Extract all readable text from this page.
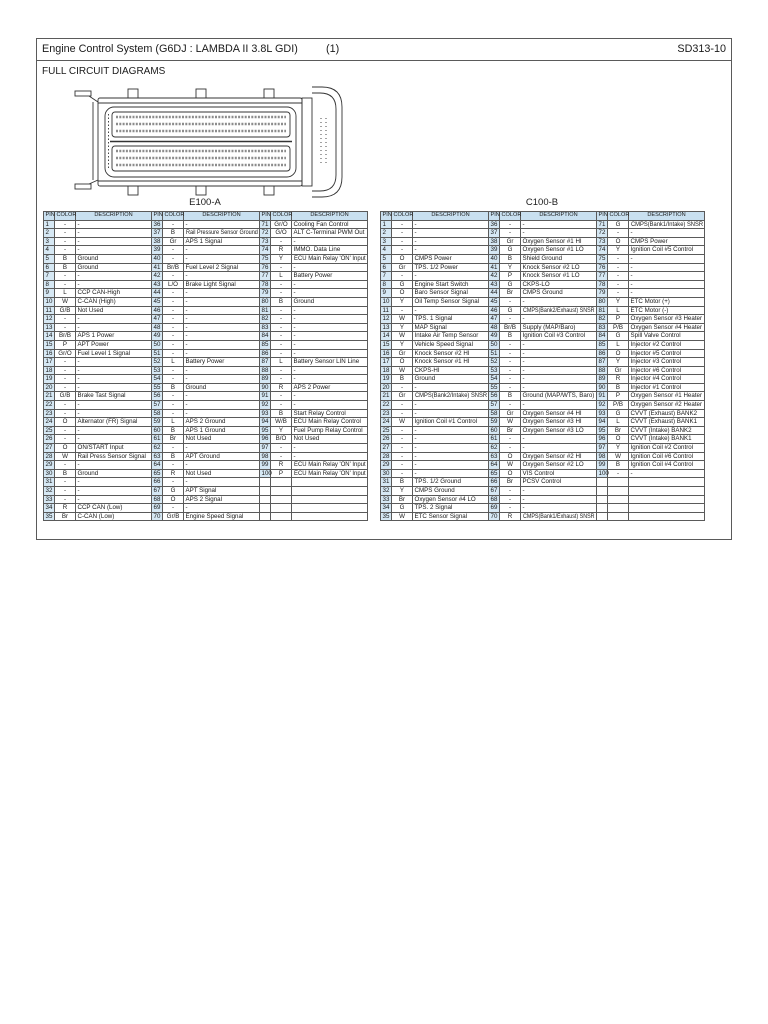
Engine Control System (G6DJ : LAMBDA II 3.8L GDI)	(1)	SD313-10
FULL CIRCUIT DIAGRAMS
E100-A
PIN	COLOR	DESCRIPTION	PIN	COLOR	DESCRIPTION	PIN	COLOR	DESCRIPTION
1	-	-	36	-	-	71	Gr/O	Cooling Fan Control
2	-	-	37	B	Rail Pressure Sensor Ground	72	G/O	ALT C-Terminal PWM Out
3	-	-	38	Gr	APS 1 Signal	73	-	-
4	-	-	39	-	-	74	R	IMMO. Data Line
5	B	Ground	40	-	-	75	Y	ECU Main Relay 'ON' Input
6	B	Ground	41	Br/B	Fuel Level 2 Signal	76	-	-
7	-	-	42	-	-	77	L	Battery Power
8	-	-	43	L/O	Brake Light Signal	78	-	-
9	L	CCP CAN-High	44	-	-	79	-	-
10	W	C-CAN (High)	45	-	-	80	B	Ground
11	G/B	Not Used	46	-	-	81	-	-
12	-	-	47	-	-	82	-	-
13	-	-	48	-	-	83	-	-
14	Br/B	APS 1 Power	49	-	-	84	-	-
15	P	APT Power	50	-	-	85	-	-
16	Gr/O	Fuel Level 1 Signal	51	-	-	86	-	-
17	-	-	52	L	Battery Power	87	L	Battery Sensor LIN Line
18	-	-	53	-	-	88	-	-
19	-	-	54	-	-	89	-	-
20	-	-	55	B	Ground	90	R	APS 2 Power
21	G/B	Brake Tast Signal	56	-	-	91	-	-
22	-	-	57	-	-	92	-	-
23	-	-	58	-	-	93	B	Start Relay Control
24	O	Alternator (FR) Signal	59	L	APS 2 Ground	94	W/B	ECU Main Relay Control
25	-	-	60	B	APS 1 Ground	95	Y	Fuel Pump Relay Control
26	-	-	61	Br	Not Used	96	B/O	Not Used
27	O	ON/START Input	62	-	-	97	-	-
28	W	Rail Press Sensor Signal	63	B	APT Ground	98	-	-
29	-	-	64	-	-	99	R	ECU Main Relay 'ON' Input
30	B	Ground	65	R	Not Used	100	P	ECU Main Relay 'ON' Input
31	-	-	66	-	-			
32	-	-	67	G	APT Signal			
33	-	-	68	O	APS 2 Signal			
34	R	CCP CAN (Low)	69	-	-			
35	Br	C-CAN (Low)	70	Gr/B	Engine Speed Signal			
C100-B
PIN	COLOR	DESCRIPTION	PIN	COLOR	DESCRIPTION	PIN	COLOR	DESCRIPTION
1	-	-	36	-	-	71	G	CMPS(Bank1/Intake) SNSR
2	-	-	37	-	-	72	-	-
3	-	-	38	Gr	Oxygen Sensor #1 HI	73	O	CMPS Power
4	-	-	39	G	Oxygen Sensor #1 LO	74	Y	Ignition Coil #5 Control
5	O	CMPS Power	40	B	Shield Ground	75	-	-
6	Gr	TPS. 1/2 Power	41	Y	Knock Sensor #2 LO	76	-	-
7	-	-	42	P	Knock Sensor #1 LO	77	-	-
8	G	Engine Start Switch	43	G	CKPS-LO	78	-	-
9	O	Baro Sensor Signal	44	Br	CMPS Ground	79	-	-
10	Y	Oil Temp Sensor Signal	45	-	-	80	Y	ETC Motor (+)
11	-	-	46	G	CMPS(Bank2/Exhaust) SNSR	81	L	ETC Motor (-)
12	W	TPS. 1 Signal	47	-	-	82	P	Oxygen Sensor #3 Heater
13	Y	MAP Signal	48	Br/B	Supply (MAP/Baro)	83	P/B	Oxygen Sensor #4 Heater
14	W	Intake Air Temp Sensor	49	B	Ignition Coil #3 Control	84	G	Spill Valve Control
15	Y	Vehicle Speed Signal	50	-	-	85	L	Injector #2 Control
16	Gr	Knock Sensor #2 HI	51	-	-	86	O	Injector #5 Control
17	O	Knock Sensor #1 HI	52	-	-	87	Y	Injector #3 Control
18	W	CKPS-HI	53	-	-	88	Gr	Injector #6 Control
19	B	Ground	54	-	-	89	R	Injector #4 Control
20	-	-	55	-	-	90	B	Injector #1 Control
21	Gr	CMPS(Bank2/Intake) SNSR	56	B	Ground (MAP/WTS, Baro)	91	P	Oxygen Sensor #1 Heater
22	-	-	57	-	-	92	P/B	Oxygen Sensor #2 Heater
23	-	-	58	Gr	Oxygen Sensor #4 HI	93	G	CVVT (Exhaust) BANK2
24	W	Ignition Coil #1 Control	59	W	Oxygen Sensor #3 HI	94	L	CVVT (Exhaust) BANK1
25	-	-	60	Br	Oxygen Sensor #3 LO	95	Br	CVVT (Intake) BANK2
26	-	-	61	-	-	96	O	CVVT (Intake) BANK1
27	-	-	62	-	-	97	Y	Ignition Coil #2 Control
28	-	-	63	O	Oxygen Sensor #2 HI	98	W	Ignition Coil #6 Control
29	-	-	64	W	Oxygen Sensor #2 LO	99	B	Ignition Coil #4 Control
30	-	-	65	O	VIS Control	100	-	-
31	B	TPS. 1/2 Ground	66	Br	PCSV Control			
32	Y	CMPS Ground	67	-	-			
33	Br	Oxygen Sensor #4 LO	68	-	-			
34	G	TPS. 2 Signal	69	-	-			
35	W	ETC Sensor Signal	70	R	CMPS(Bank1/Exhaust) SNSR			
